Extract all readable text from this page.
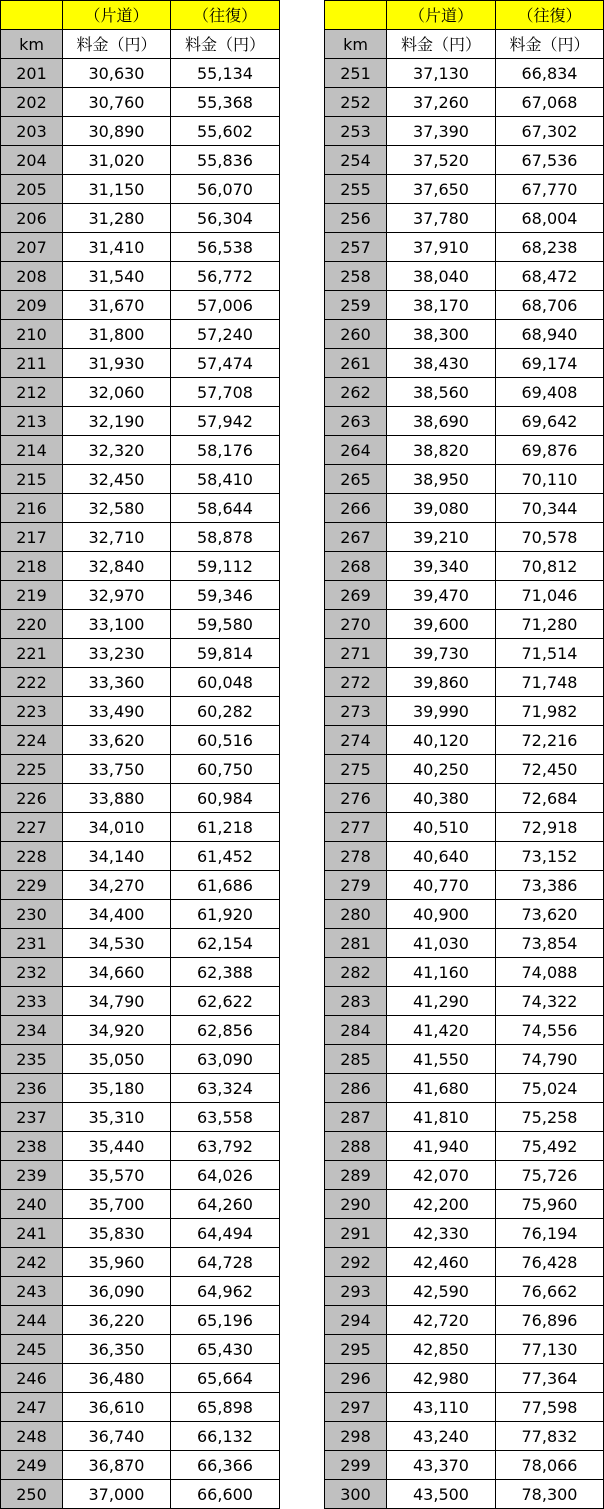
	（片道）	（往復）
km	料金（円）	料金（円）
201	30,630	55,134
202	30,760	55,368
203	30,890	55,602
204	31,020	55,836
205	31,150	56,070
206	31,280	56,304
207	31,410	56,538
208	31,540	56,772
209	31,670	57,006
210	31,800	57,240
211	31,930	57,474
212	32,060	57,708
213	32,190	57,942
214	32,320	58,176
215	32,450	58,410
216	32,580	58,644
217	32,710	58,878
218	32,840	59,112
219	32,970	59,346
220	33,100	59,580
221	33,230	59,814
222	33,360	60,048
223	33,490	60,282
224	33,620	60,516
225	33,750	60,750
226	33,880	60,984
227	34,010	61,218
228	34,140	61,452
229	34,270	61,686
230	34,400	61,920
231	34,530	62,154
232	34,660	62,388
233	34,790	62,622
234	34,920	62,856
235	35,050	63,090
236	35,180	63,324
237	35,310	63,558
238	35,440	63,792
239	35,570	64,026
240	35,700	64,260
241	35,830	64,494
242	35,960	64,728
243	36,090	64,962
244	36,220	65,196
245	36,350	65,430
246	36,480	65,664
247	36,610	65,898
248	36,740	66,132
249	36,870	66,366
250	37,000	66,600
	（片道）	（往復）
km	料金（円）	料金（円）
251	37,130	66,834
252	37,260	67,068
253	37,390	67,302
254	37,520	67,536
255	37,650	67,770
256	37,780	68,004
257	37,910	68,238
258	38,040	68,472
259	38,170	68,706
260	38,300	68,940
261	38,430	69,174
262	38,560	69,408
263	38,690	69,642
264	38,820	69,876
265	38,950	70,110
266	39,080	70,344
267	39,210	70,578
268	39,340	70,812
269	39,470	71,046
270	39,600	71,280
271	39,730	71,514
272	39,860	71,748
273	39,990	71,982
274	40,120	72,216
275	40,250	72,450
276	40,380	72,684
277	40,510	72,918
278	40,640	73,152
279	40,770	73,386
280	40,900	73,620
281	41,030	73,854
282	41,160	74,088
283	41,290	74,322
284	41,420	74,556
285	41,550	74,790
286	41,680	75,024
287	41,810	75,258
288	41,940	75,492
289	42,070	75,726
290	42,200	75,960
291	42,330	76,194
292	42,460	76,428
293	42,590	76,662
294	42,720	76,896
295	42,850	77,130
296	42,980	77,364
297	43,110	77,598
298	43,240	77,832
299	43,370	78,066
300	43,500	78,300
